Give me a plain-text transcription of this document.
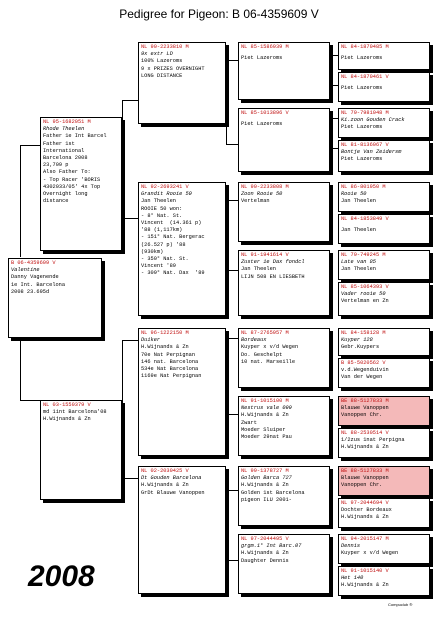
Pedigree for Pigeon: B 06-4359609 V
B 06-4359609 V
Valentine
Danny Vagenende
1e Int. Barcelona
2008 23.695d
NL 95-1682051 M
Rhode Theelen
Father 1e Int Barcel
Father 1st
International
Barcelona 2008
23,709 p
Also Father To:
- Top Racer 'BORIS
4302033/05' 4x Top
Overnight long
distance
NL 03-1550379 V
md 1int Barcelona'08
H.Wijnands & Zn
NL 90-2233810 M
9x extr LD
100% Lazeroms
9 x PRIZES OVERNIGHT
LONG DISTANCE
NL 92-2693241 V
Grandit Rooie 50
Jan Theelen
ROOIE 50 won:
- 8° Nat. St.
Vincent  (14.361 p)
'88 (1,117km)
- 151° Nat. Bergerac
(26.527 p) '88
(930km)
- 350° Nat. St.
Vincent '89
- 309° Nat. Dax  '89
NL 96-1222150 M
Duiker
H.Wijnands & Zn
70e Nat Perpignan
146 nat. Barcelona
534e Nat Barcelona
1169e Nat Perpignan
NL 02-2030425 V
Dt Gouden Barcelona
H.Wijnands & Zn
GrDt Blauwe Vanoppen
NL 85-1586939 M
Piet Lazeroms
NL 85-1013896 V
Piet Lazeroms
NL 90-2233808 M
Zoon Rooie 50
Vertelman
NL 91-1941614 V
Zuster 1e Dax fondcl
Jan Theelen
LIJN 508 EN LIESBETH
NL 87-2765957 M
Bordeaux
Kuyper x v/d Wegen
Do. Geschelpt
10 nat. Marseille
NL 91-1015100 M
Nestrus vale 099
H.Wijnands & Zn
Zwart
Moeder Sluiper
Moeder 29nat Pau
NL 99-1378727 M
Golden Barca 727
H.Wijnands & Zn
Golden 1st Barcelona
pigeon ILU 2001-
NL 97-2044495 V
grgm.1° Int Barc.07
H.Wijnands & Zn
Daughter Dennis
NL 84-1870485 M
Piet Lazeroms
NL 84-1870461 V
Piet Lazeroms
NL 79-7981048 M
Ki.zoon Gouden Crack
Piet Lazeroms
NL 81-8136067 V
Bontje Van Zeidersm
Piet Lazeroms
NL 86-801950 M
Rooie 50
Jan Theelen
NL 84-1853849 V
Jan Theelen
NL 79-749245 M
Late van 85
Jan Theelen
NL 85-1064393 V
Vader rooie 50
Vertelman en Zn
NL 84-158128 M
Kuyper 128
Gebr.Kuypers
B 85-5020562 V
v.d.Wegenduivin
Van der Wegen
BE 88-5127833 M
Blauwe Vanoppen
Vanoppen Chr.
NL 88-2530514 V
1/2zus 1nat Perpigna
H.Wijnands & Zn
BE 88-5127833 M
Blauwe Vanoppen
Vanoppen Chr.
NL 97-2044694 V
Dochter Bordeaux
H.Wijnands & Zn
NL 94-2015147 M
Dennis
Kuyper x v/d Wegen
NL 91-1015140 V
Het 140
H.Wijnands & Zn
2008
Compuclub ®
